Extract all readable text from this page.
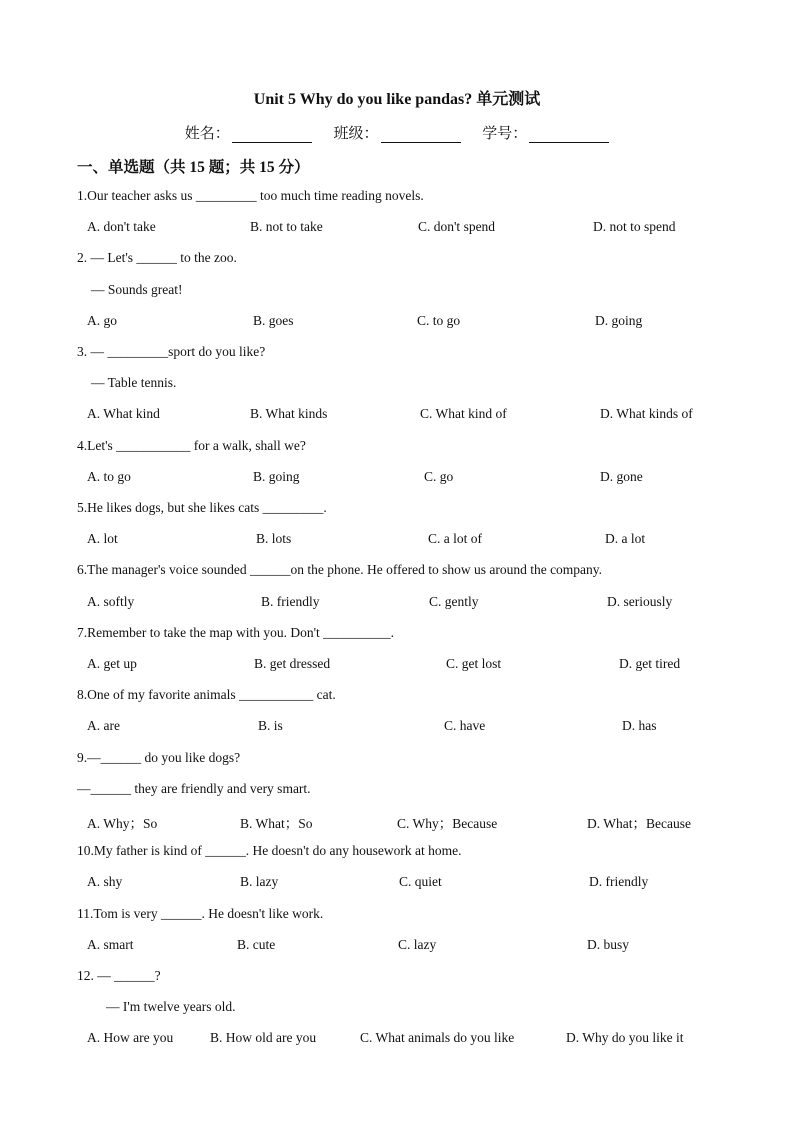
Unit 5 Why do you like pandas? 单元测试
姓名：	班级：	学号：
一、单选题（共 15 题；共 15 分）
1.Our teacher asks us _________ too much time reading novels.
A. don't take	B. not to take	C. don't spend	D. not to spend
2. — Let's ______ to the zoo.
— Sounds great!
A. go	B. goes	C. to go	D. going
3. — _________sport do you like?
— Table tennis.
A. What kind	B. What kinds	C. What kind of	D. What kinds of
4.Let's ___________ for a walk, shall we?
A. to go	B. going	C. go	D. gone
5.He likes dogs, but she likes cats _________.
A. lot	B. lots	C. a lot of	D. a lot
6.The manager's voice sounded ______on the phone. He offered to show us around the company.
A. softly	B. friendly	C. gently	D. seriously
7.Remember to take the map with you. Don't __________.
A. get up	B. get dressed	C. get lost	D. get tired
8.One of my favorite animals ___________ cat.
A. are	B. is	C. have	D. has
9.—______ do you like dogs?
—______ they are friendly and very smart.
A. Why；So	B. What；So	C. Why；Because	D. What；Because
10.My father is kind of ______. He doesn't do any housework at home.
A. shy	B. lazy	C. quiet	D. friendly
11.Tom is very ______. He doesn't like work.
A. smart	B. cute	C. lazy	D. busy
12. — ______?
— I'm twelve years old.
A. How are you	B. How old are you	C. What animals do you like	D. Why do you like it
